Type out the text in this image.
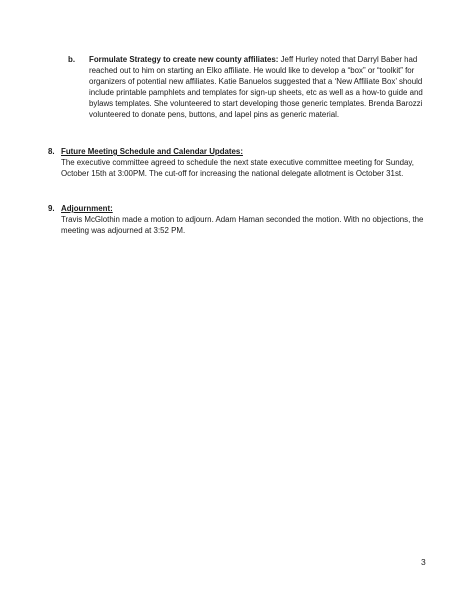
b. Formulate Strategy to create new county affiliates: Jeff Hurley noted that Darryl Baber had reached out to him on starting an Elko affiliate. He would like to develop a “box” or “toolkit” for organizers of potential new affiliates. Katie Banuelos suggested that a ‘New Affiliate Box’ should include printable pamphlets and templates for sign-up sheets, etc as well as a how-to guide and bylaws templates. She volunteered to start developing those generic templates. Brenda Barozzi volunteered to donate pens, buttons, and lapel pins as generic material.
8. Future Meeting Schedule and Calendar Updates:
The executive committee agreed to schedule the next state executive committee meeting for Sunday, October 15th at 3:00PM. The cut-off for increasing the national delegate allotment is October 31st.
9. Adjournment:
Travis McGlothin made a motion to adjourn. Adam Haman seconded the motion. With no objections, the meeting was adjourned at 3:52 PM.
3
